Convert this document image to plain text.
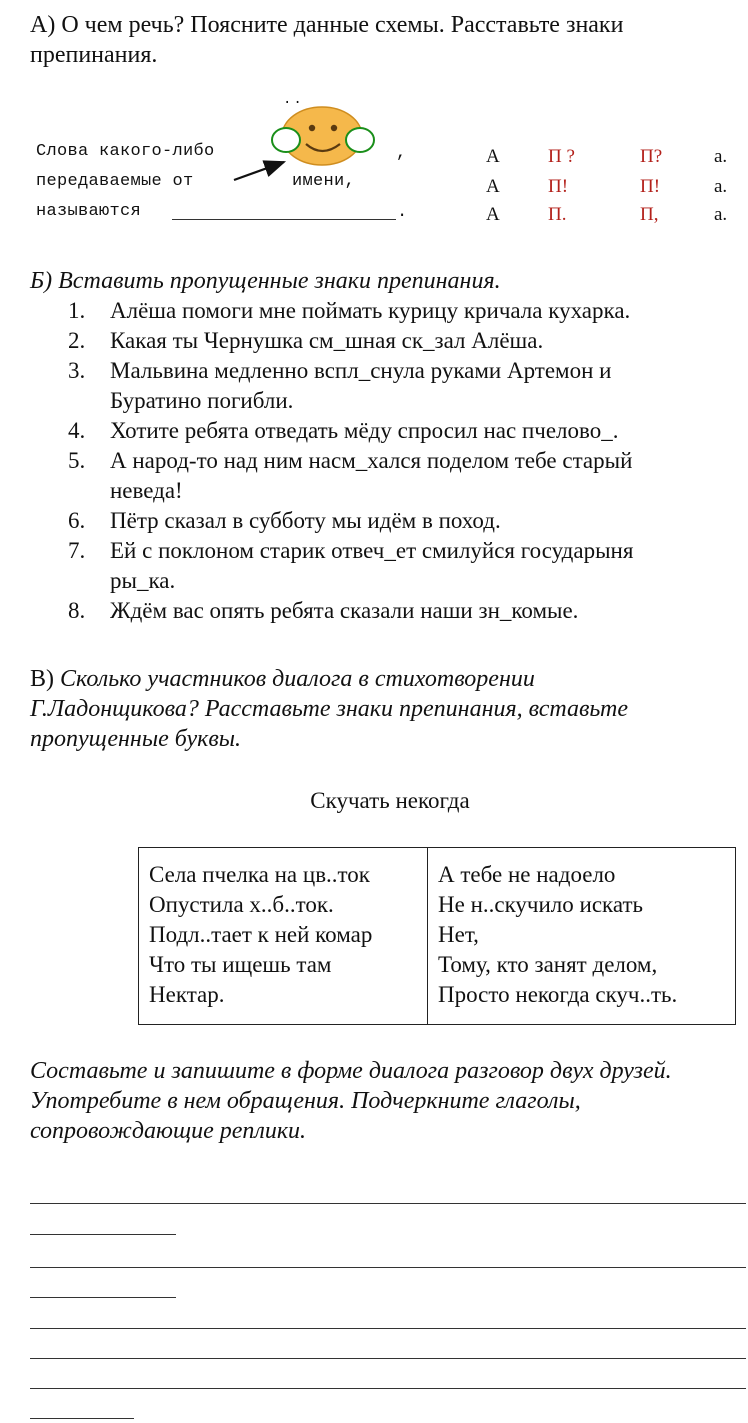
А) О чем речь? Поясните данные схемы. Расставьте знаки
препинания.
Слова какого-либо
передаваемые от	имени,
называются	.
,
..
А	П ?	П?	а.
А	П!	П!	а.
А	П.	П,	а.
Б) Вставить пропущенные знаки препинания.
1. Алёша помоги мне поймать курицу кричала кухарка.
2. Какая ты Чернушка см_шная ск_зал Алёша.
3. Мальвина медленно вспл_снула руками Артемон и
Буратино погибли.
4. Хотите ребята отведать мёду спросил нас пчелово_.
5. А народ-то над ним насм_хался поделом тебе старый
неведа!
6. Пётр сказал в субботу мы идём в поход.
7. Ей с поклоном старик отвеч_ет смилуйся государыня
ры_ка.
8. Ждём вас опять ребята сказали наши зн_комые.
В) Сколько участников диалога в стихотворении
Г.Ладонщикова? Расставьте знаки препинания, вставьте
пропущенные буквы.
Скучать некогда
Села пчелка на цв..ток
Опустила х..б..ток.
Подл..тает к ней комар
Что ты ищешь там
Нектар.

А тебе не надоело
Не н..скучило искать
Нет,
Тому, кто занят делом,
Просто некогда скуч..ть.
Составьте и запишите в форме диалога разговор двух друзей.
Употребите в нем обращения. Подчеркните глаголы,
сопровождающие реплики.
